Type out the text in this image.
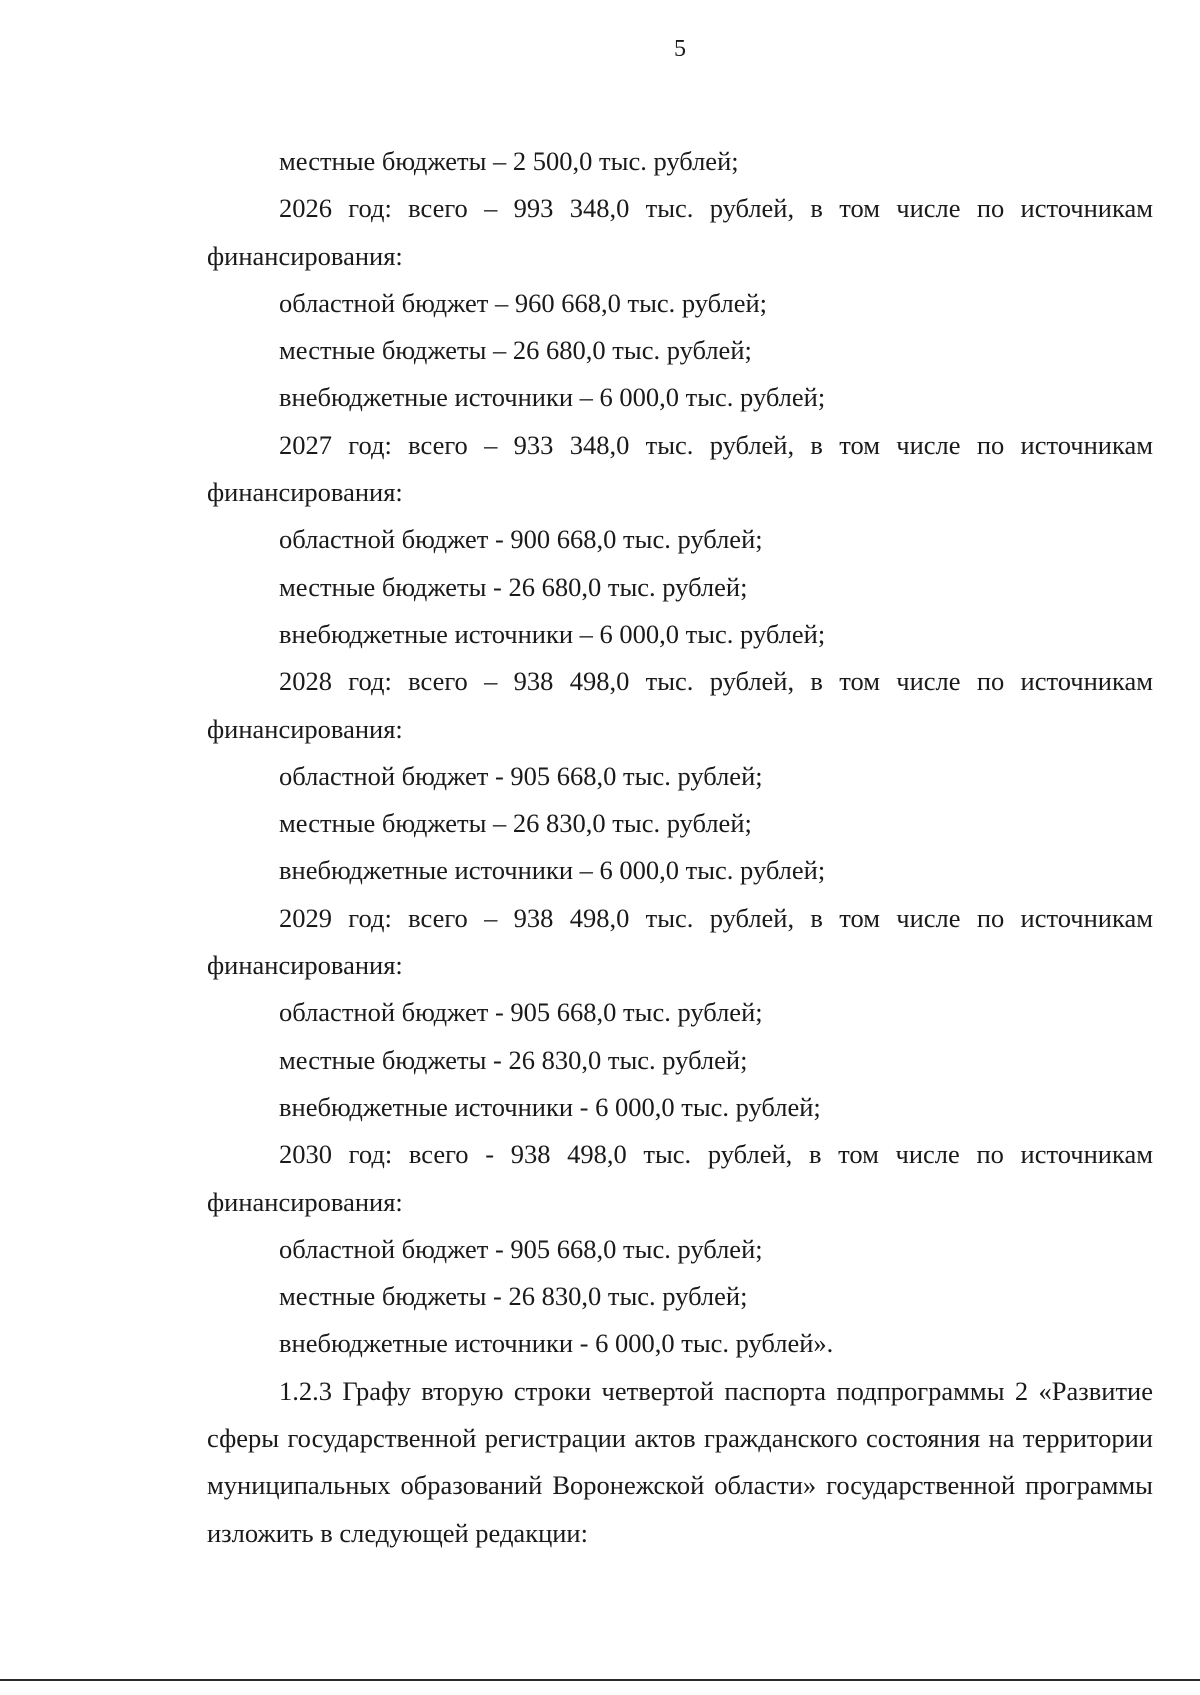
5

местные бюджеты – 2 500,0 тыс. рублей;

2026 год: всего – 993 348,0 тыс. рублей, в том числе по источникам финансирования:

областной бюджет – 960 668,0 тыс. рублей;

местные бюджеты – 26 680,0 тыс. рублей;

внебюджетные источники – 6 000,0 тыс. рублей;

2027 год: всего – 933 348,0 тыс. рублей, в том числе по источникам финансирования:

областной бюджет - 900 668,0 тыс. рублей;

местные бюджеты - 26 680,0 тыс. рублей;

внебюджетные источники – 6 000,0 тыс. рублей;

2028 год: всего – 938 498,0 тыс. рублей, в том числе по источникам финансирования:

областной бюджет - 905 668,0 тыс. рублей;

местные бюджеты – 26 830,0 тыс. рублей;

внебюджетные источники – 6 000,0 тыс. рублей;

2029 год: всего – 938 498,0 тыс. рублей, в том числе по источникам финансирования:

областной бюджет - 905 668,0 тыс. рублей;

местные бюджеты - 26 830,0 тыс. рублей;

внебюджетные источники - 6 000,0 тыс. рублей;

2030 год: всего - 938 498,0 тыс. рублей, в том числе по источникам финансирования:

областной бюджет - 905 668,0 тыс. рублей;

местные бюджеты - 26 830,0 тыс. рублей;

внебюджетные источники - 6 000,0 тыс. рублей».

1.2.3 Графу вторую строки четвертой паспорта подпрограммы 2 «Развитие сферы государственной регистрации актов гражданского состояния на территории муниципальных образований Воронежской области» государственной программы изложить в следующей редакции:
